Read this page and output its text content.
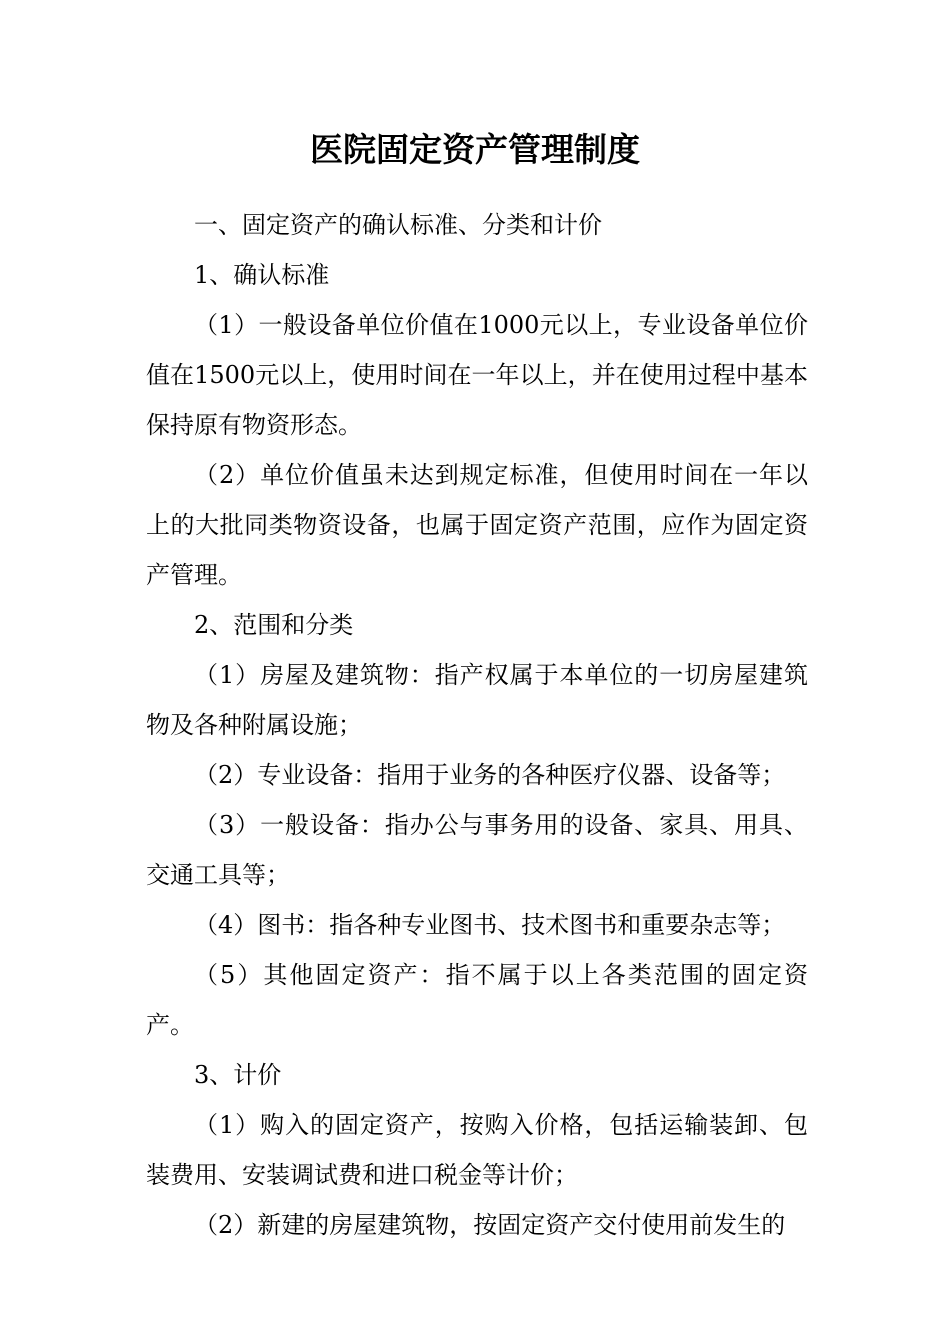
医院固定资产管理制度

一、固定资产的确认标准、分类和计价

1、确认标准

（1）一般设备单位价值在1000元以上，专业设备单位价值在1500元以上，使用时间在一年以上，并在使用过程中基本保持原有物资形态。

（2）单位价值虽未达到规定标准，但使用时间在一年以上的大批同类物资设备，也属于固定资产范围，应作为固定资产管理。

2、范围和分类

（1）房屋及建筑物：指产权属于本单位的一切房屋建筑物及各种附属设施；

（2）专业设备：指用于业务的各种医疗仪器、设备等；

（3）一般设备：指办公与事务用的设备、家具、用具、交通工具等；

（4）图书：指各种专业图书、技术图书和重要杂志等；

（5）其他固定资产：指不属于以上各类范围的固定资产。

3、计价

（1）购入的固定资产，按购入价格，包括运输装卸、包装费用、安装调试费和进口税金等计价；

（2）新建的房屋建筑物，按固定资产交付使用前发生的
